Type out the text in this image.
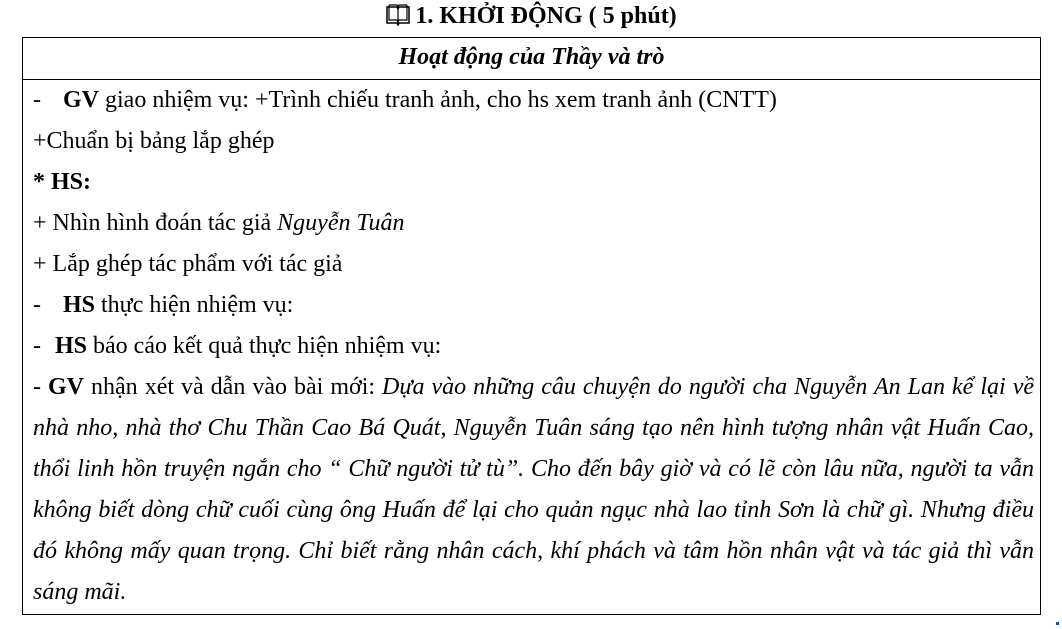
1. KHỞI ĐỘNG ( 5 phút)
Hoạt động của Thầy và trò
- GV giao nhiệm vụ: +Trình chiếu tranh ảnh, cho hs xem tranh ảnh (CNTT)
+Chuẩn bị bảng lắp ghép
* HS:
+ Nhìn hình đoán tác giả Nguyễn Tuân
+ Lắp ghép tác phẩm với tác giả
- HS thực hiện nhiệm vụ:
- HS báo cáo kết quả thực hiện nhiệm vụ:
- GV nhận xét và dẫn vào bài mới: Dựa vào những câu chuyện do người cha Nguyễn An Lan kể lại về nhà nho, nhà thơ Chu Thần Cao Bá Quát, Nguyễn Tuân sáng tạo nên hình tượng nhân vật Huấn Cao, thổi linh hồn truyện ngắn cho “ Chữ người tử tù”. Cho đến bây giờ và có lẽ còn lâu nữa, người ta vẫn không biết dòng chữ cuối cùng ông Huấn để lại cho quản ngục nhà lao tỉnh Sơn là chữ gì. Nhưng điều đó không mấy quan trọng. Chỉ biết rằng nhân cách, khí phách và tâm hồn nhân vật và tác giả thì vẫn sáng mãi.
